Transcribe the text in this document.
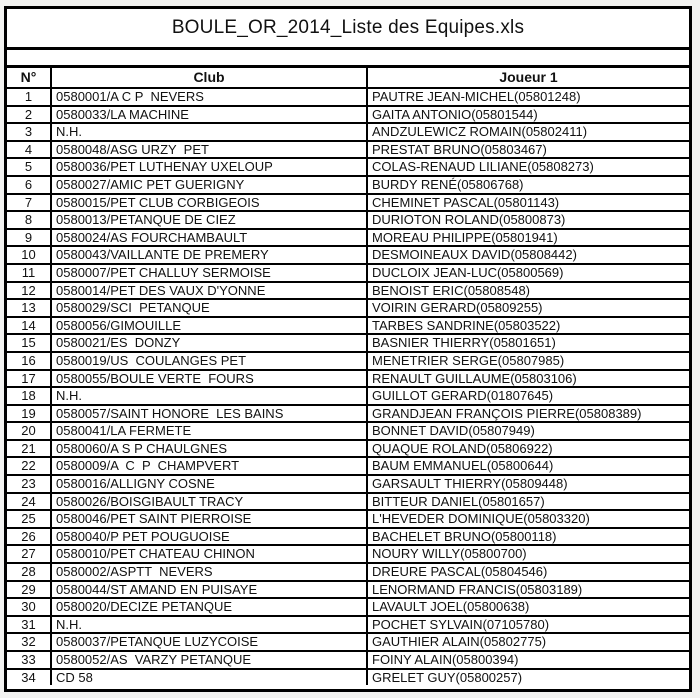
BOULE_OR_2014_Liste des Equipes.xls
N°	Club	Joueur 1
1	0580001/A C P  NEVERS	PAUTRE JEAN-MICHEL(05801248)
2	0580033/LA MACHINE	GAITA ANTONIO(05801544)
3	N.H.	ANDZULEWICZ ROMAIN(05802411)
4	0580048/ASG URZY  PET	PRESTAT BRUNO(05803467)
5	0580036/PET LUTHENAY UXELOUP	COLAS-RENAUD LILIANE(05808273)
6	0580027/AMIC PET GUERIGNY	BURDY RENÉ(05806768)
7	0580015/PET CLUB CORBIGEOIS	CHEMINET PASCAL(05801143)
8	0580013/PETANQUE DE CIEZ	DURIOTON ROLAND(05800873)
9	0580024/AS FOURCHAMBAULT	MOREAU PHILIPPE(05801941)
10	0580043/VAILLANTE DE PREMERY	DESMOINEAUX DAVID(05808442)
11	0580007/PET CHALLUY SERMOISE	DUCLOIX JEAN-LUC(05800569)
12	0580014/PET DES VAUX D'YONNE	BENOIST ERIC(05808548)
13	0580029/SCI  PETANQUE	VOIRIN GERARD(05809255)
14	0580056/GIMOUILLE	TARBES SANDRINE(05803522)
15	0580021/ES  DONZY	BASNIER THIERRY(05801651)
16	0580019/US  COULANGES PET	MENETRIER SERGE(05807985)
17	0580055/BOULE VERTE  FOURS	RENAULT GUILLAUME(05803106)
18	N.H.	GUILLOT GERARD(01807645)
19	0580057/SAINT HONORE  LES BAINS	GRANDJEAN FRANÇOIS PIERRE(05808389)
20	0580041/LA FERMETE	BONNET DAVID(05807949)
21	0580060/A S P CHAULGNES	QUAQUE ROLAND(05806922)
22	0580009/A  C  P  CHAMPVERT	BAUM EMMANUEL(05800644)
23	0580016/ALLIGNY COSNE	GARSAULT THIERRY(05809448)
24	0580026/BOISGIBAULT TRACY	BITTEUR DANIEL(05801657)
25	0580046/PET SAINT PIERROISE	L'HEVEDER DOMINIQUE(05803320)
26	0580040/P PET POUGUOISE	BACHELET BRUNO(05800118)
27	0580010/PET CHATEAU CHINON	NOURY WILLY(05800700)
28	0580002/ASPTT  NEVERS	DREURE PASCAL(05804546)
29	0580044/ST AMAND EN PUISAYE	LENORMAND FRANCIS(05803189)
30	0580020/DECIZE PETANQUE	LAVAULT JOEL(05800638)
31	N.H.	POCHET SYLVAIN(07105780)
32	0580037/PETANQUE LUZYCOISE	GAUTHIER ALAIN(05802775)
33	0580052/AS  VARZY PETANQUE	FOINY ALAIN(05800394)
34	CD 58	GRELET GUY(05800257)
